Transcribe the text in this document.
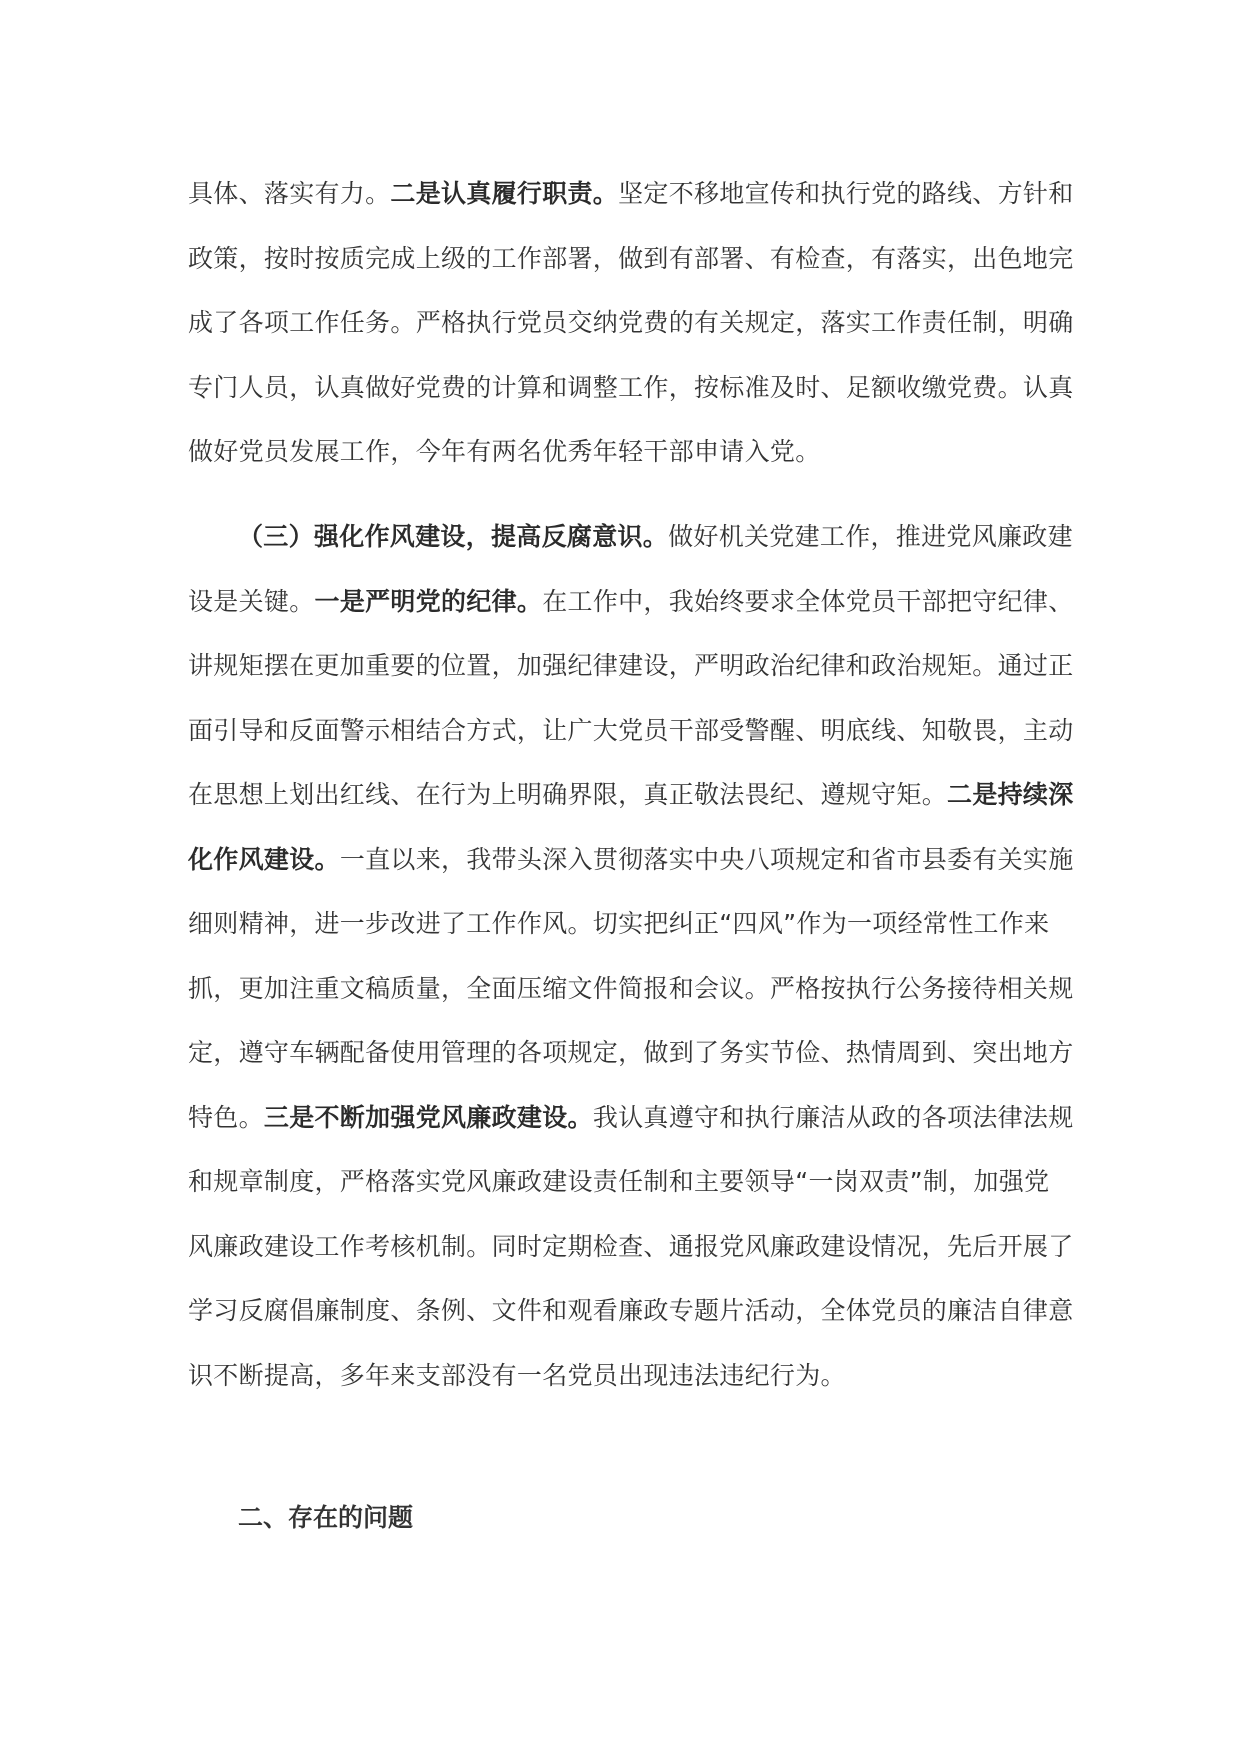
具体、落实有力。二是认真履行职责。坚定不移地宣传和执行党的路线、方针和政策，按时按质完成上级的工作部署，做到有部署、有检查，有落实，出色地完成了各项工作任务。严格执行党员交纳党费的有关规定，落实工作责任制，明确专门人员，认真做好党费的计算和调整工作，按标准及时、足额收缴党费。认真做好党员发展工作，今年有两名优秀年轻干部申请入党。

（三）强化作风建设，提高反腐意识。做好机关党建工作，推进党风廉政建设是关键。一是严明党的纪律。在工作中，我始终要求全体党员干部把守纪律、讲规矩摆在更加重要的位置，加强纪律建设，严明政治纪律和政治规矩。通过正面引导和反面警示相结合方式，让广大党员干部受警醒、明底线、知敬畏，主动在思想上划出红线、在行为上明确界限，真正敬法畏纪、遵规守矩。二是持续深化作风建设。一直以来，我带头深入贯彻落实中央八项规定和省市县委有关实施细则精神，进一步改进了工作作风。切实把纠正“四风”作为一项经常性工作来抓，更加注重文稿质量，全面压缩文件简报和会议。严格按执行公务接待相关规定，遵守车辆配备使用管理的各项规定，做到了务实节俭、热情周到、突出地方特色。三是不断加强党风廉政建设。我认真遵守和执行廉洁从政的各项法律法规和规章制度，严格落实党风廉政建设责任制和主要领导“一岗双责”制，加强党风廉政建设工作考核机制。同时定期检查、通报党风廉政建设情况，先后开展了学习反腐倡廉制度、条例、文件和观看廉政专题片活动，全体党员的廉洁自律意识不断提高，多年来支部没有一名党员出现违法违纪行为。

二、存在的问题
